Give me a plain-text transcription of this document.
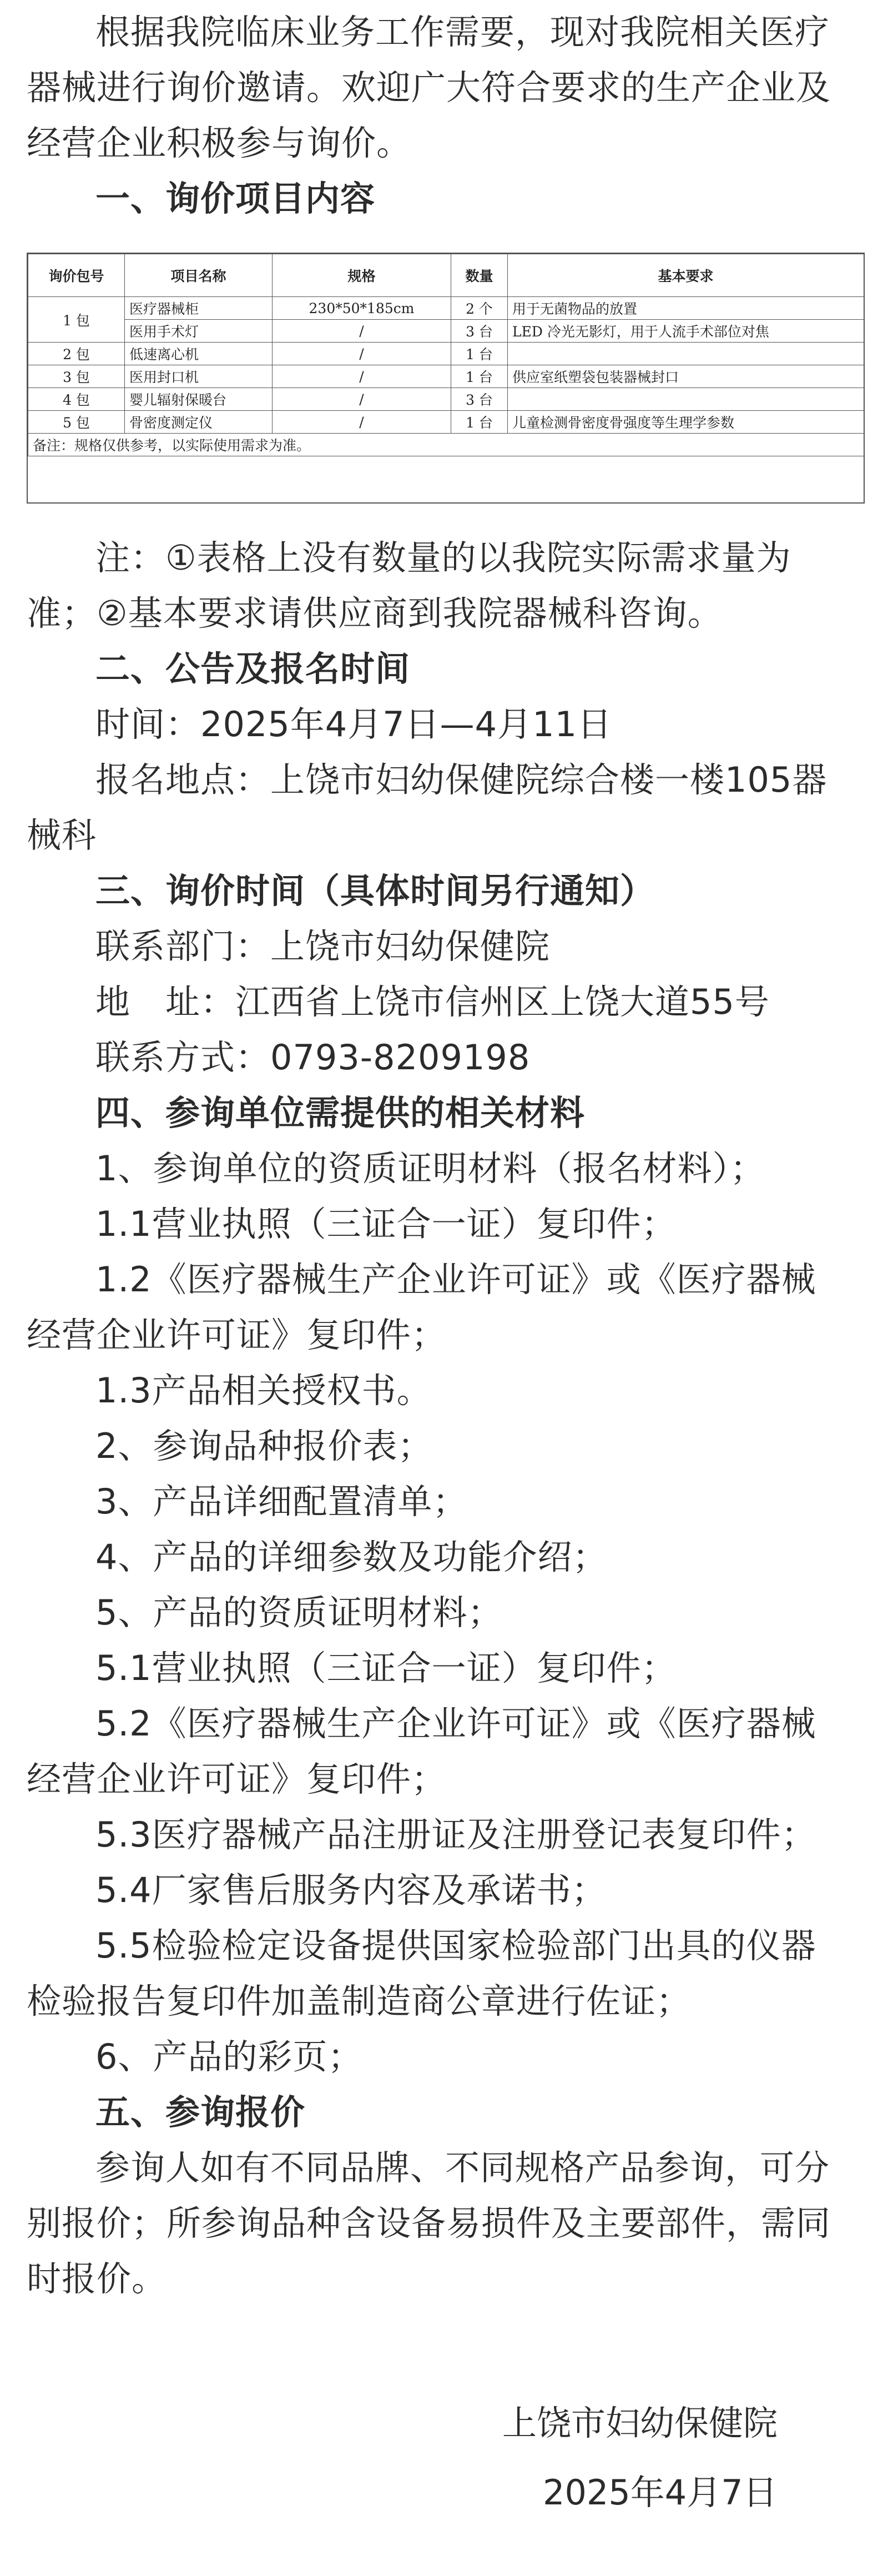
根据我院临床业务工作需要，现对我院相关医疗
器械进行询价邀请。欢迎广大符合要求的生产企业及
经营企业积极参与询价。
一、询价项目内容
询价包号	项目名称	规格	数量	基本要求
1 包	医疗器械柜	230*50*185cm	2 个	用于无菌物品的放置
	医用手术灯	/	3 台	LED 冷光无影灯，用于人流手术部位对焦
2 包	低速离心机	/	1 台	
3 包	医用封口机	/	1 台	供应室纸塑袋包装器械封口
4 包	婴儿辐射保暖台	/	3 台	
5 包	骨密度测定仪	/	1 台	儿童检测骨密度骨强度等生理学参数
备注：规格仅供参考，以实际使用需求为准。				
注：①表格上没有数量的以我院实际需求量为
准；②基本要求请供应商到我院器械科咨询。
二、公告及报名时间
时间：2025年4月7日—4月11日
报名地点：上饶市妇幼保健院综合楼一楼105器
械科
三、询价时间（具体时间另行通知）
联系部门：上饶市妇幼保健院
地　址：江西省上饶市信州区上饶大道55号
联系方式：0793-8209198
四、参询单位需提供的相关材料
1、参询单位的资质证明材料（报名材料）；
1.1营业执照（三证合一证）复印件；
1.2《医疗器械生产企业许可证》或《医疗器械
经营企业许可证》复印件；
1.3产品相关授权书。
2、参询品种报价表；
3、产品详细配置清单；
4、产品的详细参数及功能介绍；
5、产品的资质证明材料；
5.1营业执照（三证合一证）复印件；
5.2《医疗器械生产企业许可证》或《医疗器械
经营企业许可证》复印件；
5.3医疗器械产品注册证及注册登记表复印件；
5.4厂家售后服务内容及承诺书；
5.5检验检定设备提供国家检验部门出具的仪器
检验报告复印件加盖制造商公章进行佐证；
6、产品的彩页；
五、参询报价
参询人如有不同品牌、不同规格产品参询，可分
别报价；所参询品种含设备易损件及主要部件，需同
时报价。
上饶市妇幼保健院
2025年4月7日
